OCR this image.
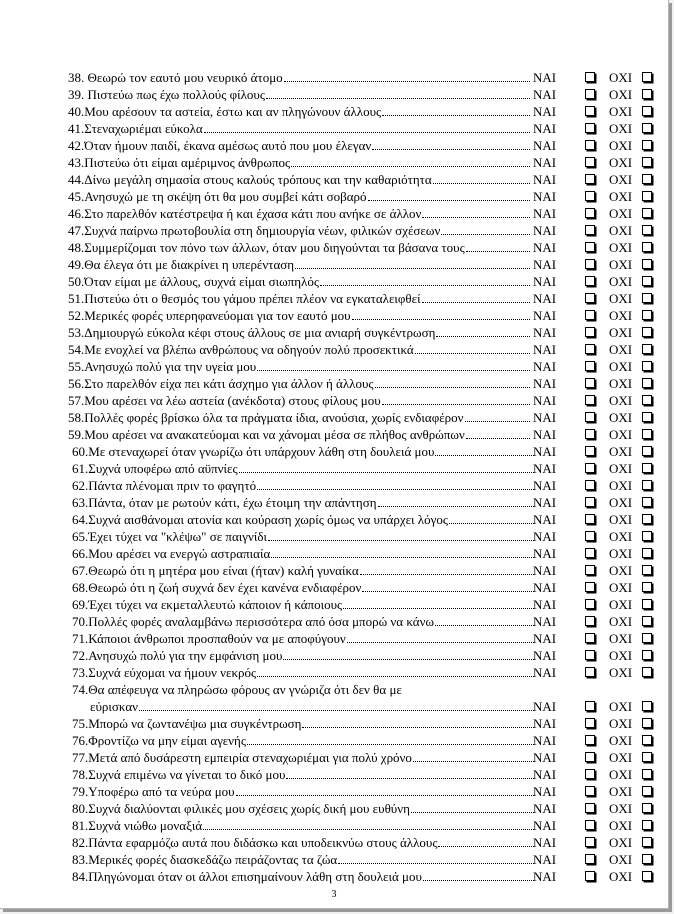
38. Θεωρώ τον εαυτό μου νευρικό άτομο	ΝΑΙ	ΟΧΙ
39. Πιστεύω πως έχω πολλούς φίλους	ΝΑΙ	ΟΧΙ
40.Μου αρέσουν τα αστεία, έστω και αν πληγώνουν άλλους	ΝΑΙ	ΟΧΙ
41.Στεναχωριέμαι εύκολα	ΝΑΙ	ΟΧΙ
42.Όταν ήμουν παιδί, έκανα αμέσως αυτό που μου έλεγαν	ΝΑΙ	ΟΧΙ
43.Πιστεύω ότι είμαι αμέριμνος άνθρωπος	ΝΑΙ	ΟΧΙ
44.Δίνω μεγάλη σημασία στους καλούς τρόπους και την καθαριότητα	ΝΑΙ	ΟΧΙ
45.Ανησυχώ με τη σκέψη ότι θα μου συμβεί κάτι σοβαρό	ΝΑΙ	ΟΧΙ
46.Στο παρελθόν κατέστρεψα ή και έχασα κάτι που ανήκε σε άλλον	ΝΑΙ	ΟΧΙ
47.Συχνά παίρνω πρωτοβουλία στη δημιουργία νέων, φιλικών σχέσεων	ΝΑΙ	ΟΧΙ
48.Συμμερίζομαι τον πόνο των άλλων, όταν μου διηγούνται τα βάσανα τους	ΝΑΙ	ΟΧΙ
49.Θα έλεγα ότι με διακρίνει η υπερένταση	ΝΑΙ	ΟΧΙ
50.Όταν είμαι με άλλους, συχνά είμαι σιωπηλός	ΝΑΙ	ΟΧΙ
51.Πιστεύω ότι ο θεσμός του γάμου πρέπει πλέον να εγκαταλειφθεί	ΝΑΙ	ΟΧΙ
52.Μερικές φορές υπερηφανεύομαι για τον εαυτό μου	ΝΑΙ	ΟΧΙ
53.Δημιουργώ εύκολα κέφι στους άλλους σε μια ανιαρή συγκέντρωση	ΝΑΙ	ΟΧΙ
54.Με ενοχλεί να βλέπω ανθρώπους να οδηγούν πολύ προσεκτικά	ΝΑΙ	ΟΧΙ
55.Ανησυχώ πολύ για την υγεία μου	ΝΑΙ	ΟΧΙ
56.Στο παρελθόν είχα πει κάτι άσχημο για άλλον ή άλλους	ΝΑΙ	ΟΧΙ
57.Μου αρέσει να λέω αστεία (ανέκδοτα) στους φίλους μου	ΝΑΙ	ΟΧΙ
58.Πολλές φορές βρίσκω όλα τα πράγματα ίδια, ανούσια, χωρίς ενδιαφέρον	ΝΑΙ	ΟΧΙ
59.Μου αρέσει να ανακατεύομαι και να χάνομαι μέσα σε πλήθος ανθρώπων	ΝΑΙ	ΟΧΙ
60.Με στεναχωρεί όταν γνωρίζω ότι υπάρχουν λάθη στη δουλειά μου	ΝΑΙ	ΟΧΙ
61.Συχνά υποφέρω από αϋπνίες	ΝΑΙ	ΟΧΙ
62.Πάντα πλένομαι πριν το φαγητό	ΝΑΙ	ΟΧΙ
63.Πάντα, όταν με ρωτούν κάτι, έχω έτοιμη την απάντηση	ΝΑΙ	ΟΧΙ
64.Συχνά αισθάνομαι ατονία και κούραση χωρίς όμως να υπάρχει λόγος	ΝΑΙ	ΟΧΙ
65.Έχει τύχει να "κλέψω" σε παιγνίδι	ΝΑΙ	ΟΧΙ
66.Μου αρέσει να ενεργώ αστραπιαία	ΝΑΙ	ΟΧΙ
67.Θεωρώ ότι η μητέρα μου είναι (ήταν) καλή γυναίκα	ΝΑΙ	ΟΧΙ
68.Θεωρώ ότι η ζωή συχνά δεν έχει κανένα ενδιαφέρον	ΝΑΙ	ΟΧΙ
69.Έχει τύχει να εκμεταλλευτώ κάποιον ή κάποιους	ΝΑΙ	ΟΧΙ
70.Πολλές φορές αναλαμβάνω περισσότερα από όσα μπορώ να κάνω	ΝΑΙ	ΟΧΙ
71.Κάποιοι άνθρωποι προσπαθούν να με αποφύγουν	ΝΑΙ	ΟΧΙ
72.Ανησυχώ πολύ για την εμφάνιση μου	ΝΑΙ	ΟΧΙ
73.Συχνά εύχομαι να ήμουν νεκρός	ΝΑΙ	ΟΧΙ
74.Θα απέφευγα να πληρώσω φόρους αν γνώριζα ότι δεν θα με

εύρισκαν	ΝΑΙ	ΟΧΙ
75.Μπορώ να ζωντανέψω μια συγκέντρωση	ΝΑΙ	ΟΧΙ
76.Φροντίζω να μην είμαι αγενής	ΝΑΙ	ΟΧΙ
77.Μετά από δυσάρεστη εμπειρία στεναχωριέμαι για πολύ χρόνο	ΝΑΙ	ΟΧΙ
78.Συχνά επιμένω να γίνεται το δικό μου	ΝΑΙ	ΟΧΙ
79.Υποφέρω από τα νεύρα μου	ΝΑΙ	ΟΧΙ
80.Συχνά διαλύονται φιλικές μου σχέσεις χωρίς δική μου ευθύνη	ΝΑΙ	ΟΧΙ
81.Συχνά νιώθω μοναξιά	ΝΑΙ	ΟΧΙ
82.Πάντα εφαρμόζω αυτά που διδάσκω και υποδεικνύω στους άλλους	ΝΑΙ	ΟΧΙ
83.Μερικές φορές διασκεδάζω πειράζοντας τα ζώα	ΝΑΙ	ΟΧΙ
84.Πληγώνομαι όταν οι άλλοι επισημαίνουν λάθη στη δουλειά μου	ΝΑΙ	ΟΧΙ
3
